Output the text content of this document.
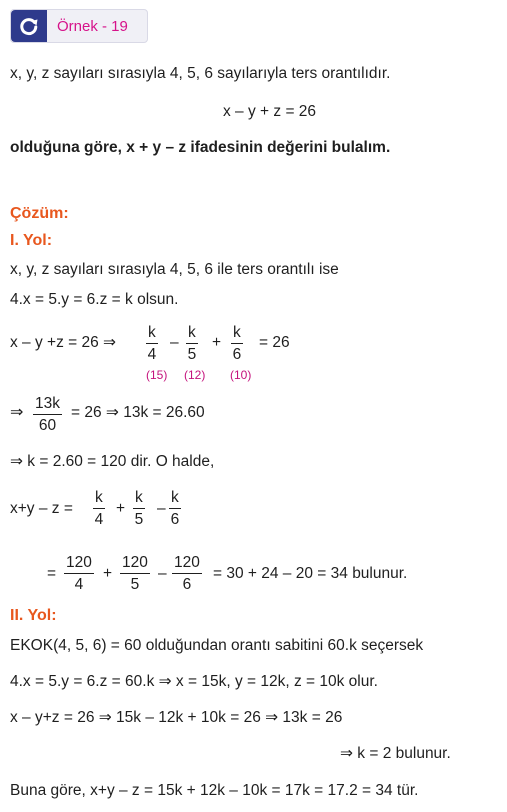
Örnek - 19
x, y, z sayıları sırasıyla 4, 5, 6 sayılarıyla ters orantılıdır.
x – y + z = 26
olduğuna göre, x + y – z ifadesinin değerini bulalım.
Çözüm:
I. Yol:
x, y, z sayıları sırasıyla 4, 5, 6 ile ters orantılı ise
4.x = 5.y = 6.z = k olsun.
x – y +z = 26 ⇒ $\frac{k}{4} - \frac{k}{5} + \frac{k}{6} = 26$
(15) (12) (10)
⇒ $\frac{13k}{60} = 26$ ⇒ 13k = 26.60
⇒ k = 2.60 = 120 dir. O halde,
$x+y - z = \frac{k}{4} + \frac{k}{5} - \frac{k}{6}$
= $\frac{120}{4} + \frac{120}{5} - \frac{120}{6} = 30 + 24 - 20 = 34$ bulunur.
II. Yol:
EKOK(4, 5, 6) = 60 olduğundan orantı sabitini 60.k seçersek
4.x = 5.y = 6.z = 60.k ⇒ x = 15k, y = 12k, z = 10k olur.
x – y+z = 26 ⇒ 15k – 12k + 10k = 26 ⇒ 13k = 26
⇒ k = 2 bulunur.
Buna göre, x+y – z = 15k + 12k – 10k = 17k = 17.2 = 34 tür.
